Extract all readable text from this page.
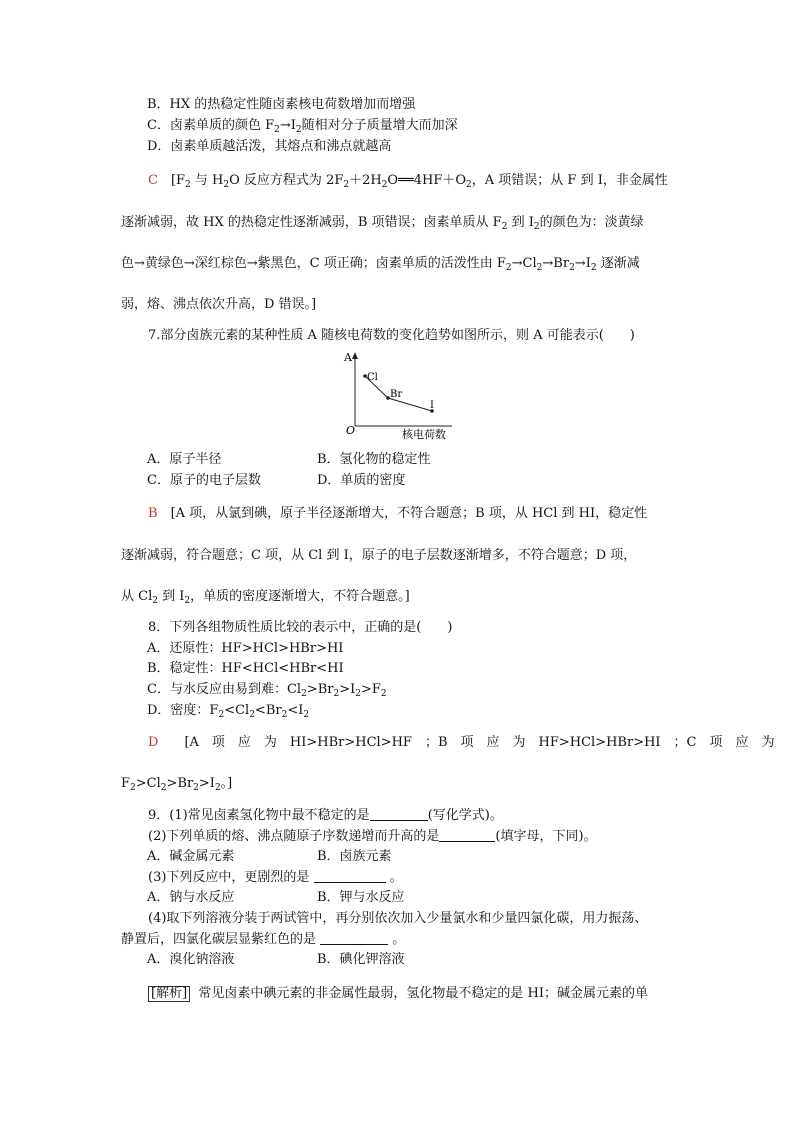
B．HX 的热稳定性随卤素核电荷数增加而增强
C．卤素单质的颜色 $F_2\to I_2$随相对分子质量增大而加深
D．卤素单质越活泼，其熔点和沸点就越高
C  [$F_2$ 与 $H_2O$ 反应方程式为 $2F_2+2H_2O══4HF+O_2$，A 项错误；从 F 到 I，非金属性
逐渐减弱，故 HX 的热稳定性逐渐减弱，B 项错误；卤素单质从 $F_2$ 到 $I_2$的颜色为：淡黄绿
色→黄绿色→深红棕色→紫黑色，C 项正确；卤素单质的活泼性由 $F_2\to Cl_2\to Br_2\to I_2$ 逐渐减
弱，熔、沸点依次升高，D 错误。]
7.部分卤族元素的某种性质 A 随核电荷数的变化趋势如图所示，则 A 可能表示(　　)
A
O	核电荷数
Cl
Br
I
A．原子半径	B．氢化物的稳定性
C．原子的电子层数	D．单质的密度
B  [A 项，从氯到碘，原子半径逐渐增大，不符合题意；B 项，从 HCl 到 HI，稳定性
逐渐减弱，符合题意；C 项，从 Cl 到 I，原子的电子层数逐渐增多，不符合题意；D 项，
从 $Cl_2$ 到 $I_2$，单质的密度逐渐增大，不符合题意。]
8．下列各组物质性质比较的表示中，正确的是(　　)
A．还原性：HF>HCl>HBr>HI
B．稳定性：HF<HCl<HBr<HI
C．与水反应由易到难：$Cl_2>Br_2>I_2>F_2$
D．密度：$F_2<Cl_2<Br_2<I_2$
D   [A　项　应　为　HI>HBr>HCl>HF　；B　项　应　为　HF>HCl>HBr>HI　；C　项　应　为
$F_2>Cl_2>Br_2>I_2$。]
9．(1)常见卤素氢化物中最不稳定的是	(写化学式)。
(2)下列单质的熔、沸点随原子序数递增而升高的是	(填字母，下同)。
A．碱金属元素	B．卤族元素
(3)下列反应中，更剧烈的是	。
A．钠与水反应	B．钾与水反应
(4)取下列溶液分装于两试管中，再分别依次加入少量氯水和少量四氯化碳，用力振荡、
静置后，四氯化碳层显紫红色的是	。
A．溴化钠溶液	B．碘化钾溶液
[解析] 常见卤素中碘元素的非金属性最弱，氢化物最不稳定的是 HI；碱金属元素的单
